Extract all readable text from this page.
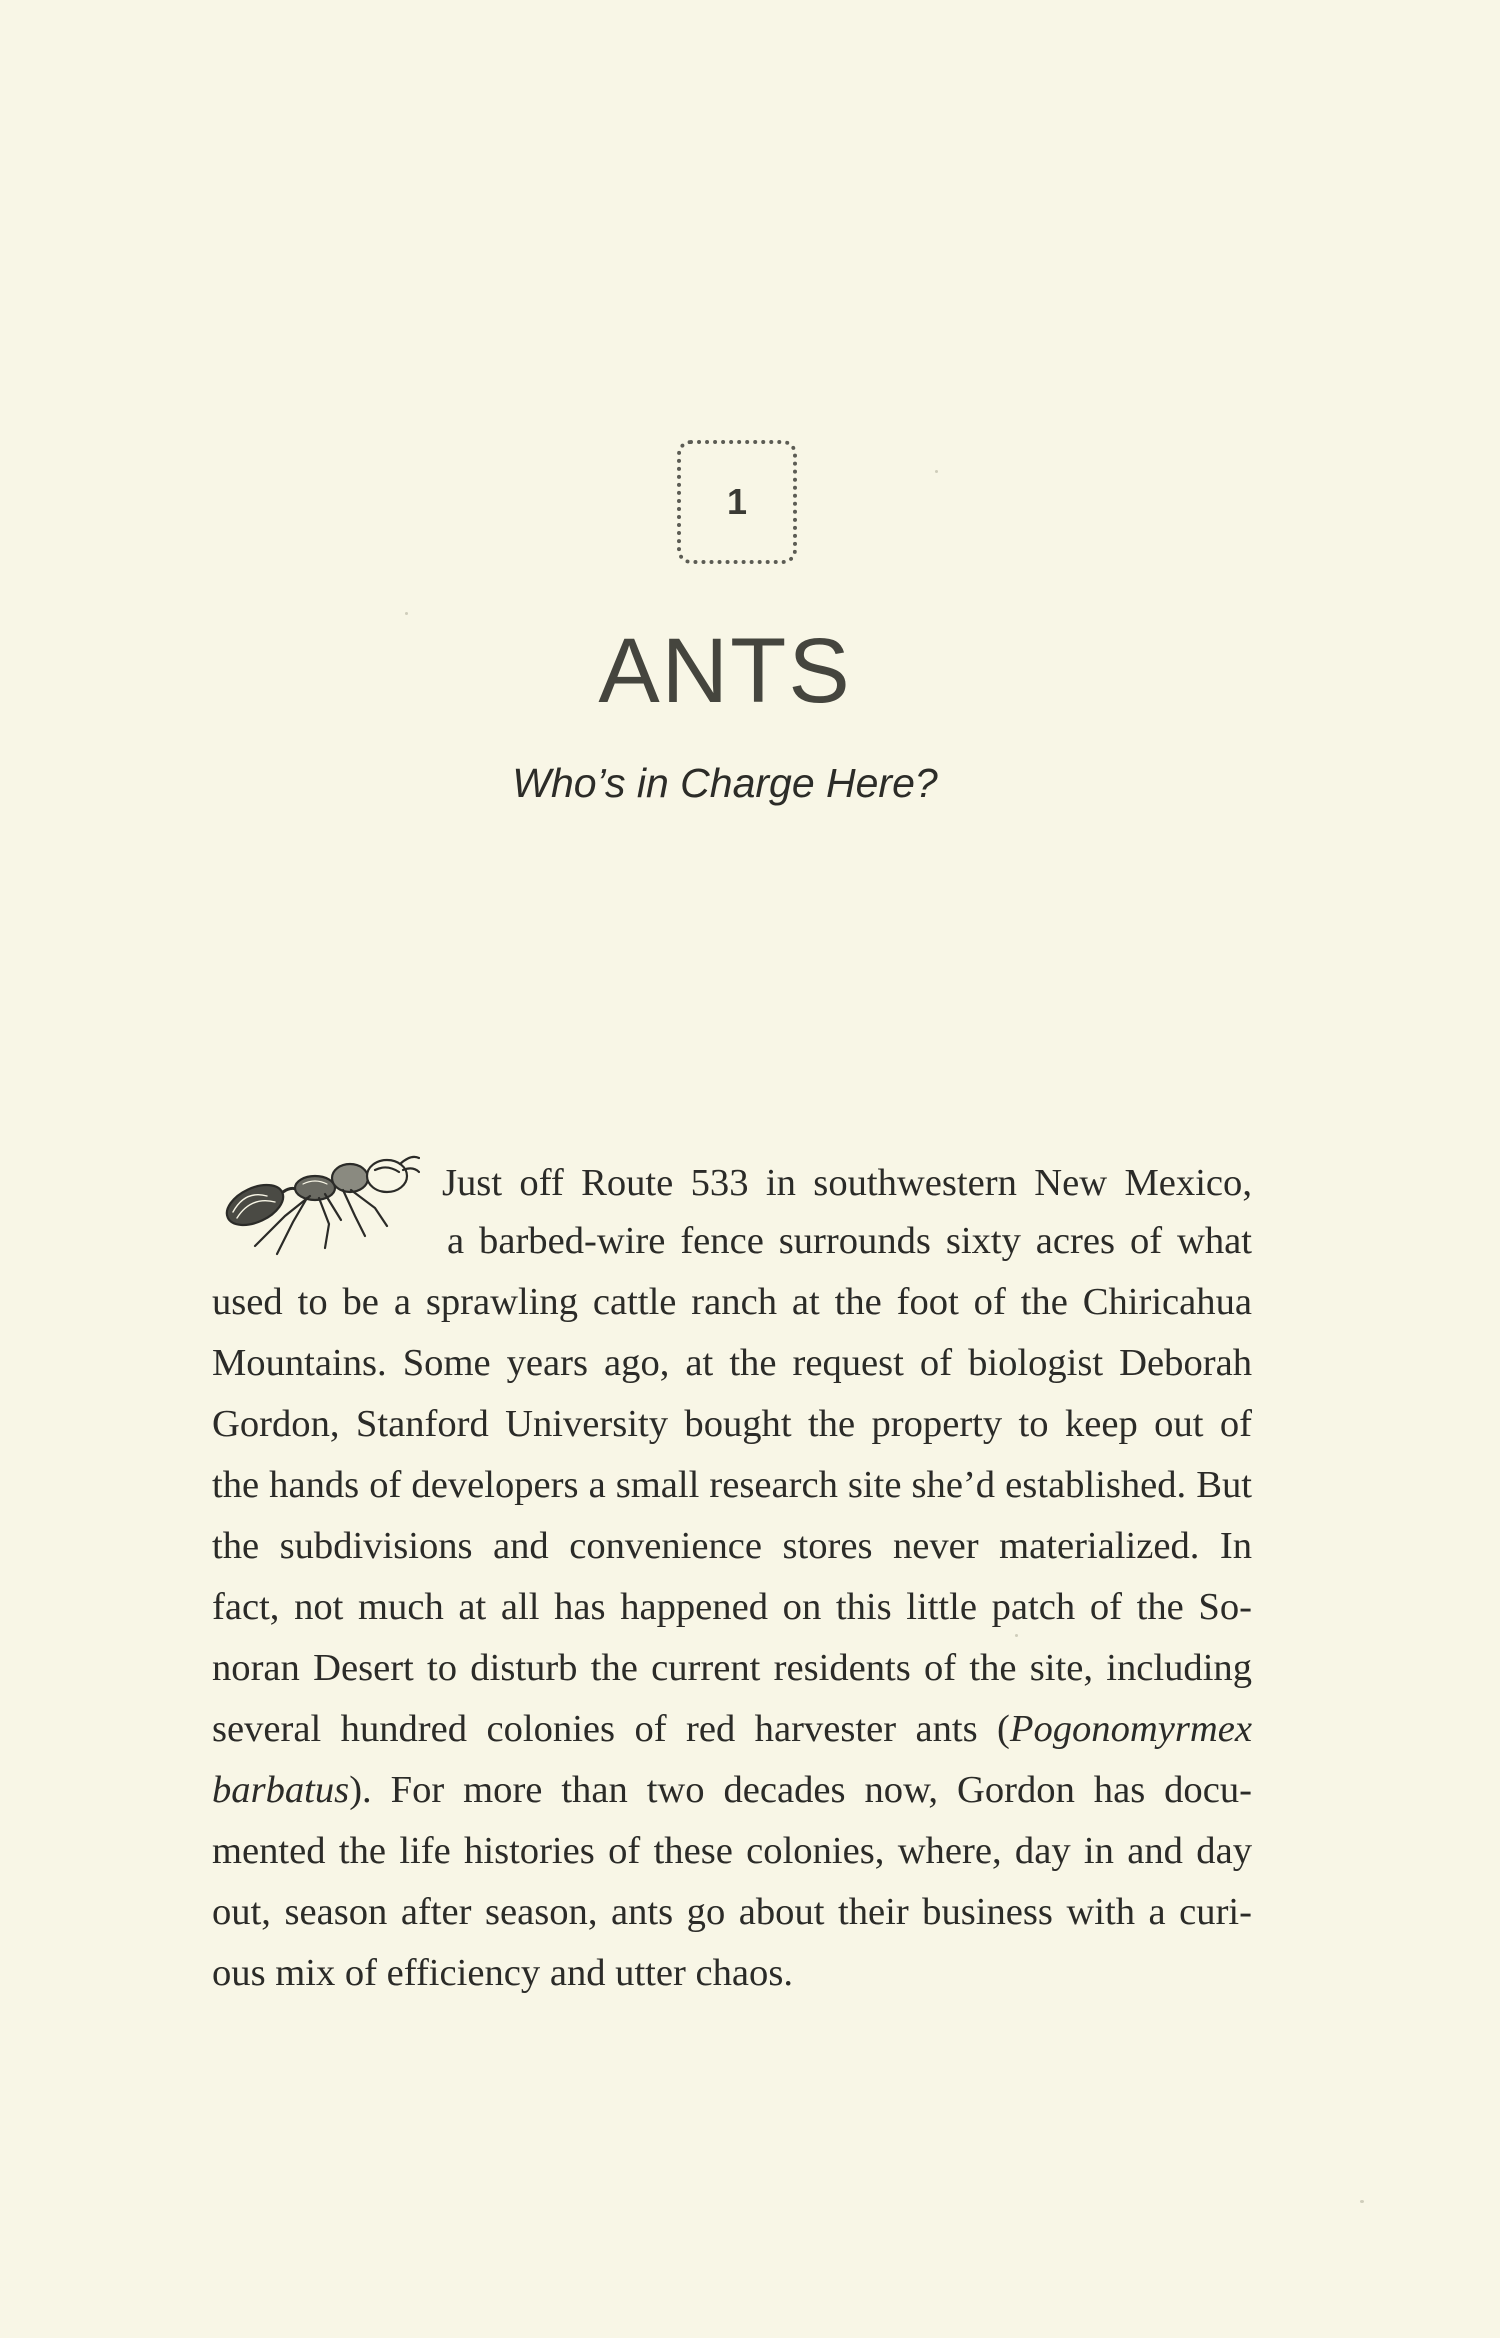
1
ANTS
Who’s in Charge Here?
Just off Route 533 in southwestern New Mexico,
a barbed-wire fence surrounds sixty acres of what
used to be a sprawling cattle ranch at the foot of the Chiricahua
Mountains. Some years ago, at the request of biologist Deborah
Gordon, Stanford University bought the property to keep out of
the hands of developers a small research site she’d established. But
the subdivisions and convenience stores never materialized. In
fact, not much at all has happened on this little patch of the So-
noran Desert to disturb the current residents of the site, including
several hundred colonies of red harvester ants (Pogonomyrmex
barbatus). For more than two decades now, Gordon has docu-
mented the life histories of these colonies, where, day in and day
out, season after season, ants go about their business with a curi-
ous mix of efficiency and utter chaos.
